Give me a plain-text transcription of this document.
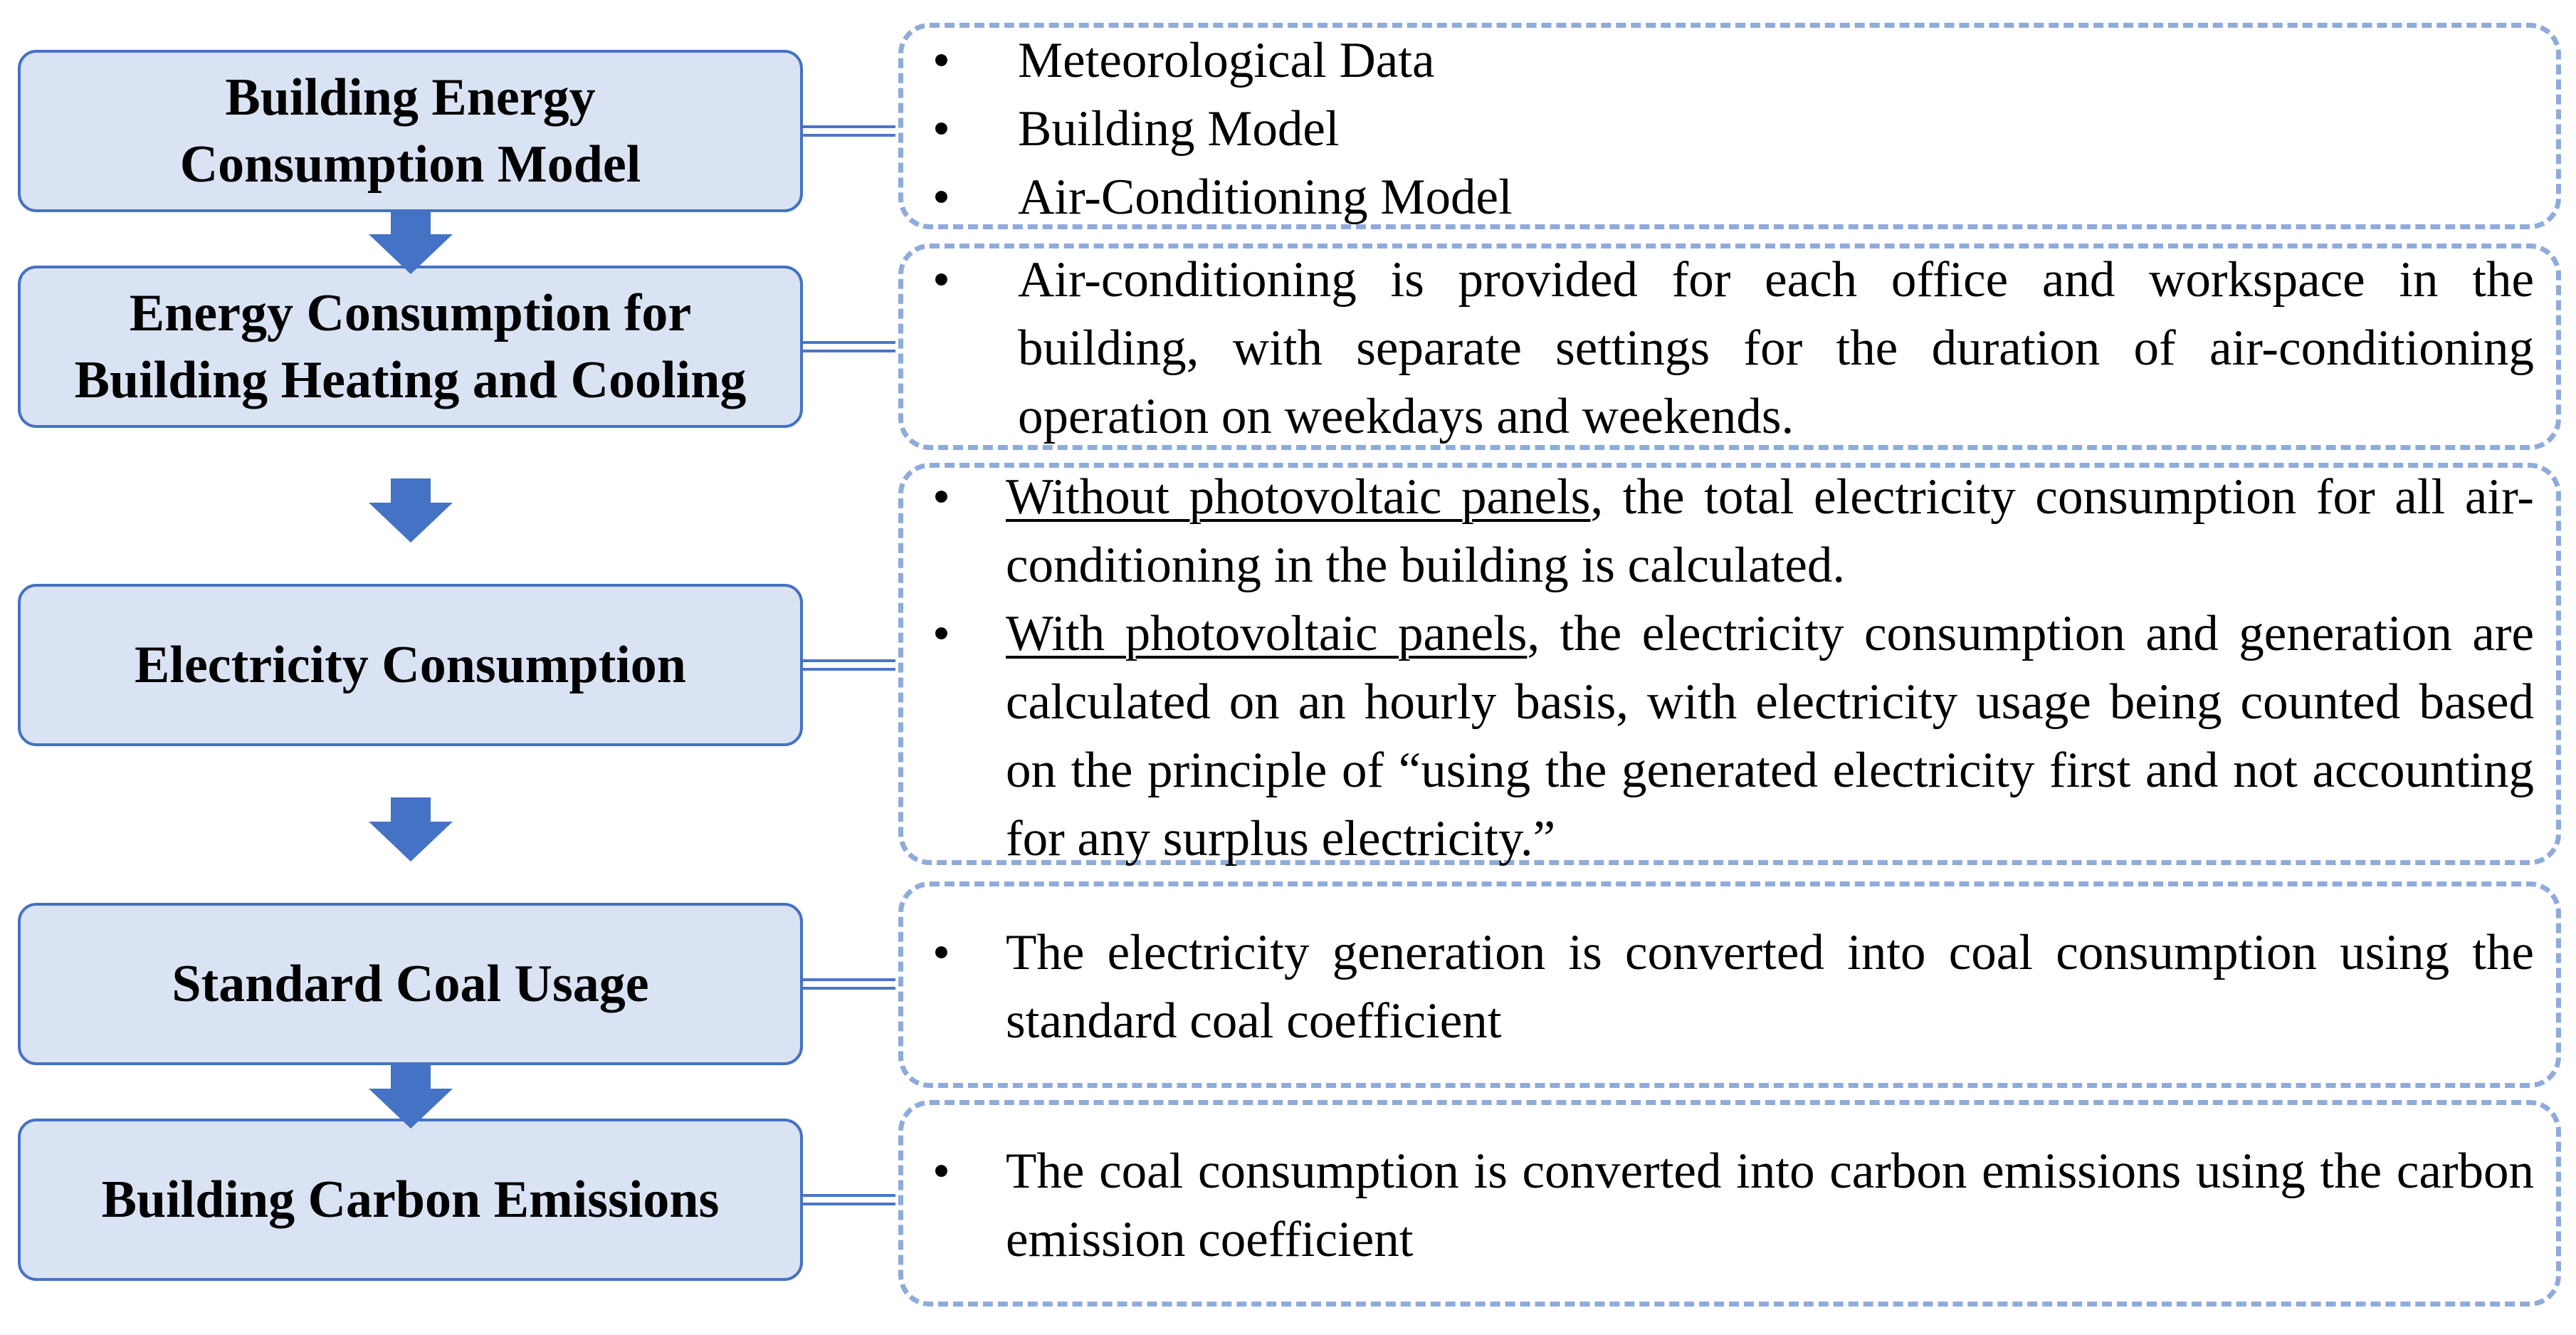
Building Energy
Consumption Model
Energy Consumption for
Building Heating and Cooling
Electricity Consumption
Standard Coal Usage
Building Carbon Emissions
• Meteorological Data
• Building Model
• Air-Conditioning Model
• Air-conditioning is provided for each office and workspace in the building, with separate settings for the duration of air-conditioning operation on weekdays and weekends.
• Without photovoltaic panels, the total electricity consumption for all air-conditioning in the building is calculated.
• With photovoltaic panels, the electricity consumption and generation are calculated on an hourly basis, with electricity usage being counted based on the principle of “using the generated electricity first and not accounting for any surplus electricity.”
• The electricity generation is converted into coal consumption using the standard coal coefficient
• The coal consumption is converted into carbon emissions using the carbon emission coefficient
